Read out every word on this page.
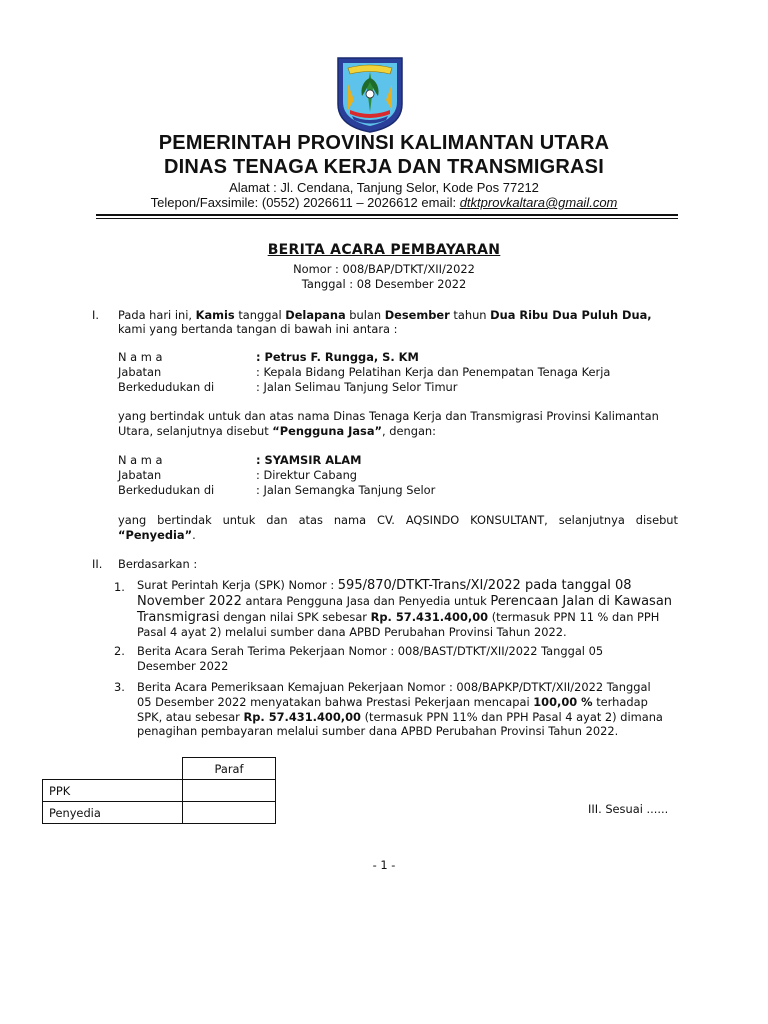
PEMERINTAH PROVINSI KALIMANTAN UTARA
DINAS TENAGA KERJA DAN TRANSMIGRASI
Alamat : Jl. Cendana, Tanjung Selor, Kode Pos 77212
Telepon/Faxsimile: (0552) 2026611 – 2026612 email: dtktprovkaltara@gmail.com
BERITA ACARA PEMBAYARAN
Nomor : 008/BAP/DTKT/XII/2022
Tanggal : 08 Desember 2022
I. Pada hari ini, Kamis tanggal Delapana bulan Desember tahun Dua Ribu Dua Puluh Dua,
kami yang bertanda tangan di bawah ini antara :
N a m a	: Petrus F. Rungga, S. KM
Jabatan	: Kepala Bidang Pelatihan Kerja dan Penempatan Tenaga Kerja
Berkedudukan di	: Jalan Selimau Tanjung Selor Timur
yang bertindak untuk dan atas nama Dinas Tenaga Kerja dan Transmigrasi Provinsi Kalimantan
Utara, selanjutnya disebut “Pengguna Jasa”, dengan:
N a m a	: SYAMSIR ALAM
Jabatan	: Direktur Cabang
Berkedudukan di	: Jalan Semangka Tanjung Selor
yang bertindak untuk dan atas nama CV. AQSINDO KONSULTANT, selanjutnya disebut
“Penyedia”.
II. Berdasarkan :
1. Surat Perintah Kerja (SPK) Nomor : 595/870/DTKT-Trans/XI/2022 pada tanggal 08
November 2022 antara Pengguna Jasa dan Penyedia untuk Perencaan Jalan di Kawasan
Transmigrasi dengan nilai SPK sebesar Rp. 57.431.400,00 (termasuk PPN 11 % dan PPH
Pasal 4 ayat 2) melalui sumber dana APBD Perubahan Provinsi Tahun 2022.
2. Berita Acara Serah Terima Pekerjaan Nomor : 008/BAST/DTKT/XII/2022 Tanggal 05
Desember 2022
3. Berita Acara Pemeriksaan Kemajuan Pekerjaan Nomor : 008/BAPKP/DTKT/XII/2022 Tanggal
05 Desember 2022 menyatakan bahwa Prestasi Pekerjaan mencapai 100,00 % terhadap
SPK, atau sebesar Rp. 57.431.400,00 (termasuk PPN 11% dan PPH Pasal 4 ayat 2) dimana
penagihan pembayaran melalui sumber dana APBD Perubahan Provinsi Tahun 2022.
III. Sesuai ......
- 1 -
	Paraf
PPK	
Penyedia	
